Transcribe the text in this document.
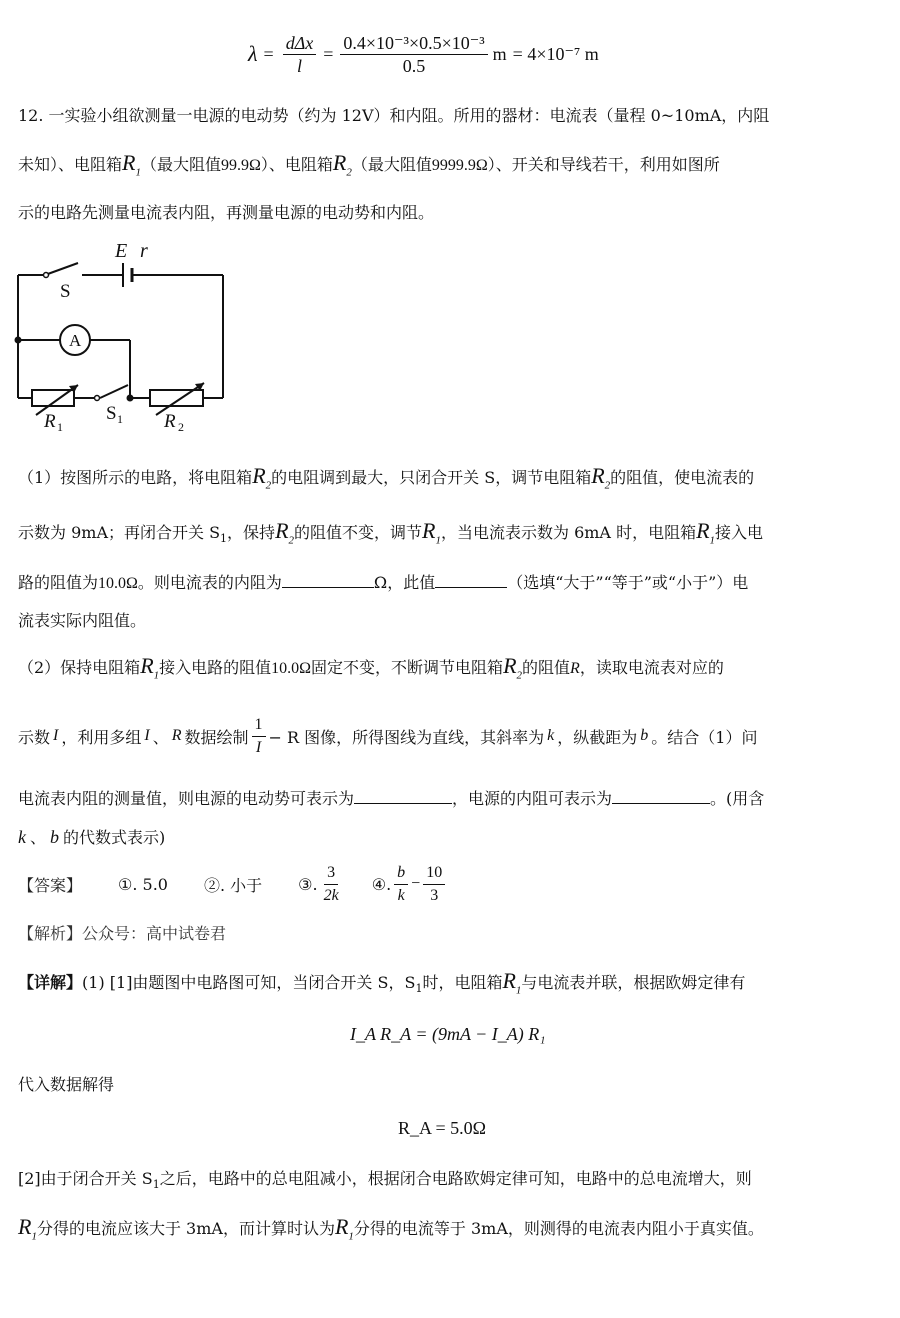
$\lambda = \frac{\text{dΔx}}{l} = \frac{\text{0.4×10⁻³×0.5×10⁻³}}{0.5}$ m = 4×10⁻⁷ m
12. 一实验小组欲测量一电源的电动势（约为 12V）和内阻。所用的器材：电流表（量程 0~10mA，内阻
未知）、电阻箱$R_1$（最大阻值99.9Ω）、电阻箱$R_2$（最大阻值9999.9Ω）、开关和导线若干，利用如图所
示的电路先测量电流表内阻，再测量电源的电动势和内阻。
E r
S
A
R 1
S 1 R 2
（1）按图所示的电路，将电阻箱$R_2$的电阻调到最大，只闭合开关 S，调节电阻箱$R_2$的阻值，使电流表的
示数为 9mA；再闭合开关 $S_1$，保持$R_2$的阻值不变，调节$R_1$，当电流表示数为 6mA 时，电阻箱$R_1$接入电
路的阻值为10.0Ω。则电流表的内阻为	Ω，此值	（选填“大于”“等于”或“小于”）电
流表实际内阻值。
（2）保持电阻箱$R_1$接入电路的阻值10.0Ω固定不变，不断调节电阻箱$R_2$的阻值R，读取电流表对应的
示数 I ，利用多组 I 、 R 数据绘制 $\frac{1}{I} - R$ 图像，所得图线为直线，其斜率为 k ，纵截距为 b 。结合（1）问
电流表内阻的测量值，则电源的电动势可表示为	，电源的内阻可表示为	。(用含
k 、 b 的代数式表示)
【答案】 ①. 5.0 ②. 小于 ③. $\frac{3}{2k}$ ④. $\frac{b}{k} - \frac{10}{3}$
【解析】公众号：高中试卷君
【详解】(1) [1]由题图中电路图可知，当闭合开关 S，$S_1$时，电阻箱$R_1$与电流表并联，根据欧姆定律有
I_A R_A = (9mA − I_A) R₁
代入数据解得
R_A = 5.0Ω
[2]由于闭合开关 $S_1$之后，电路中的总电阻减小，根据闭合电路欧姆定律可知，电路中的总电流增大，则
$R_1$分得的电流应该大于 3mA，而计算时认为$R_1$分得的电流等于 3mA，则测得的电流表内阻小于真实值。
